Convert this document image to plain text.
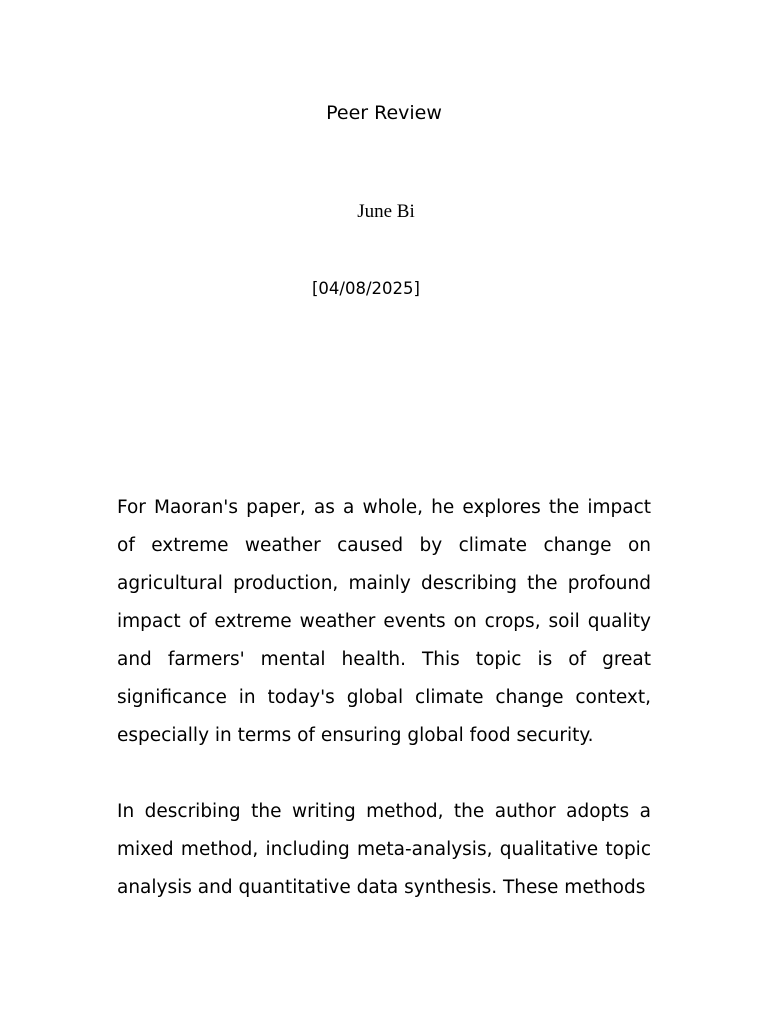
Peer Review
June Bi
[04/08/2025]

For Maoran's paper, as a whole, he explores the impact of extreme weather caused by climate change on agricultural production, mainly describing the profound impact of extreme weather events on crops, soil quality and farmers' mental health. This topic is of great significance in today's global climate change context, especially in terms of ensuring global food security.

In describing the writing method, the author adopts a mixed method, including meta-analysis, qualitative topic analysis and quantitative data synthesis. These methods
